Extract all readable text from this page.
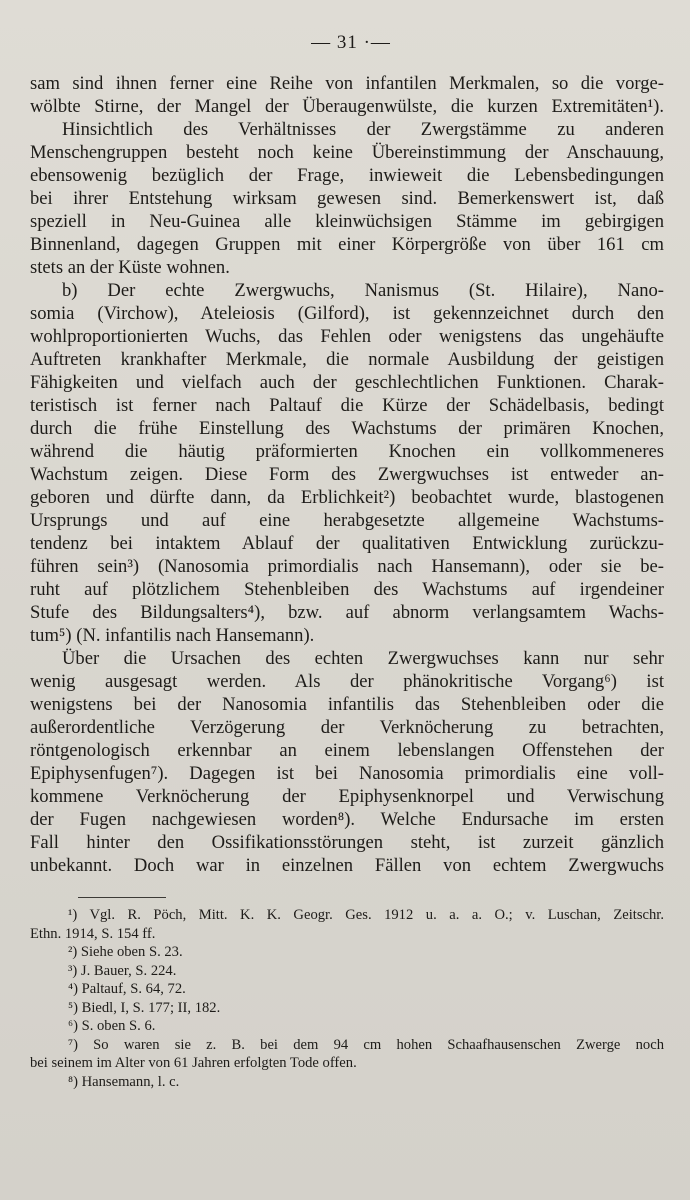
— 31 ·—

sam sind ihnen ferner eine Reihe von infantilen Merkmalen, so die vorge-
wölbte Stirne, der Mangel der Überaugenwülste, die kurzen Extremitäten¹).

Hinsichtlich des Verhältnisses der Zwergstämme zu anderen
Menschengruppen besteht noch keine Übereinstimmung der Anschauung,
ebensowenig bezüglich der Frage, inwieweit die Lebensbedingungen
bei ihrer Entstehung wirksam gewesen sind. Bemerkenswert ist, daß
speziell in Neu-Guinea alle kleinwüchsigen Stämme im gebirgigen
Binnenland, dagegen Gruppen mit einer Körpergröße von über 161 cm
stets an der Küste wohnen.

b) Der echte Zwergwuchs, Nanismus (St. Hilaire), Nano-
somia (Virchow), Ateleiosis (Gilford), ist gekennzeichnet durch den
wohlproportionierten Wuchs, das Fehlen oder wenigstens das ungehäufte
Auftreten krankhafter Merkmale, die normale Ausbildung der geistigen
Fähigkeiten und vielfach auch der geschlechtlichen Funktionen. Charak-
teristisch ist ferner nach Paltauf die Kürze der Schädelbasis, bedingt
durch die frühe Einstellung des Wachstums der primären Knochen,
während die häutig präformierten Knochen ein vollkommeneres
Wachstum zeigen. Diese Form des Zwergwuchses ist entweder an-
geboren und dürfte dann, da Erblichkeit²) beobachtet wurde, blastogenen
Ursprungs und auf eine herabgesetzte allgemeine Wachstums-
tendenz bei intaktem Ablauf der qualitativen Entwicklung zurückzu-
führen sein³) (Nanosomia primordialis nach Hansemann), oder sie be-
ruht auf plötzlichem Stehenbleiben des Wachstums auf irgendeiner
Stufe des Bildungsalters⁴), bzw. auf abnorm verlangsamtem Wachs-
tum⁵) (N. infantilis nach Hansemann).

Über die Ursachen des echten Zwergwuchses kann nur sehr
wenig ausgesagt werden. Als der phänokritische Vorgang⁶) ist
wenigstens bei der Nanosomia infantilis das Stehenbleiben oder die
außerordentliche Verzögerung der Verknöcherung zu betrachten,
röntgenologisch erkennbar an einem lebenslangen Offenstehen der
Epiphysenfugen⁷). Dagegen ist bei Nanosomia primordialis eine voll-
kommene Verknöcherung der Epiphysenknorpel und Verwischung
der Fugen nachgewiesen worden⁸). Welche Endursache im ersten
Fall hinter den Ossifikationsstörungen steht, ist zurzeit gänzlich
unbekannt. Doch war in einzelnen Fällen von echtem Zwergwuchs

¹) Vgl. R. Pöch, Mitt. K. K. Geogr. Ges. 1912 u. a. a. O.; v. Luschan, Zeitschr.
Ethn. 1914, S. 154 ff.

²) Siehe oben S. 23.

³) J. Bauer, S. 224.

⁴) Paltauf, S. 64, 72.

⁵) Biedl, I, S. 177; II, 182.

⁶) S. oben S. 6.

⁷) So waren sie z. B. bei dem 94 cm hohen Schaafhausenschen Zwerge noch
bei seinem im Alter von 61 Jahren erfolgten Tode offen.

⁸) Hansemann, l. c.
